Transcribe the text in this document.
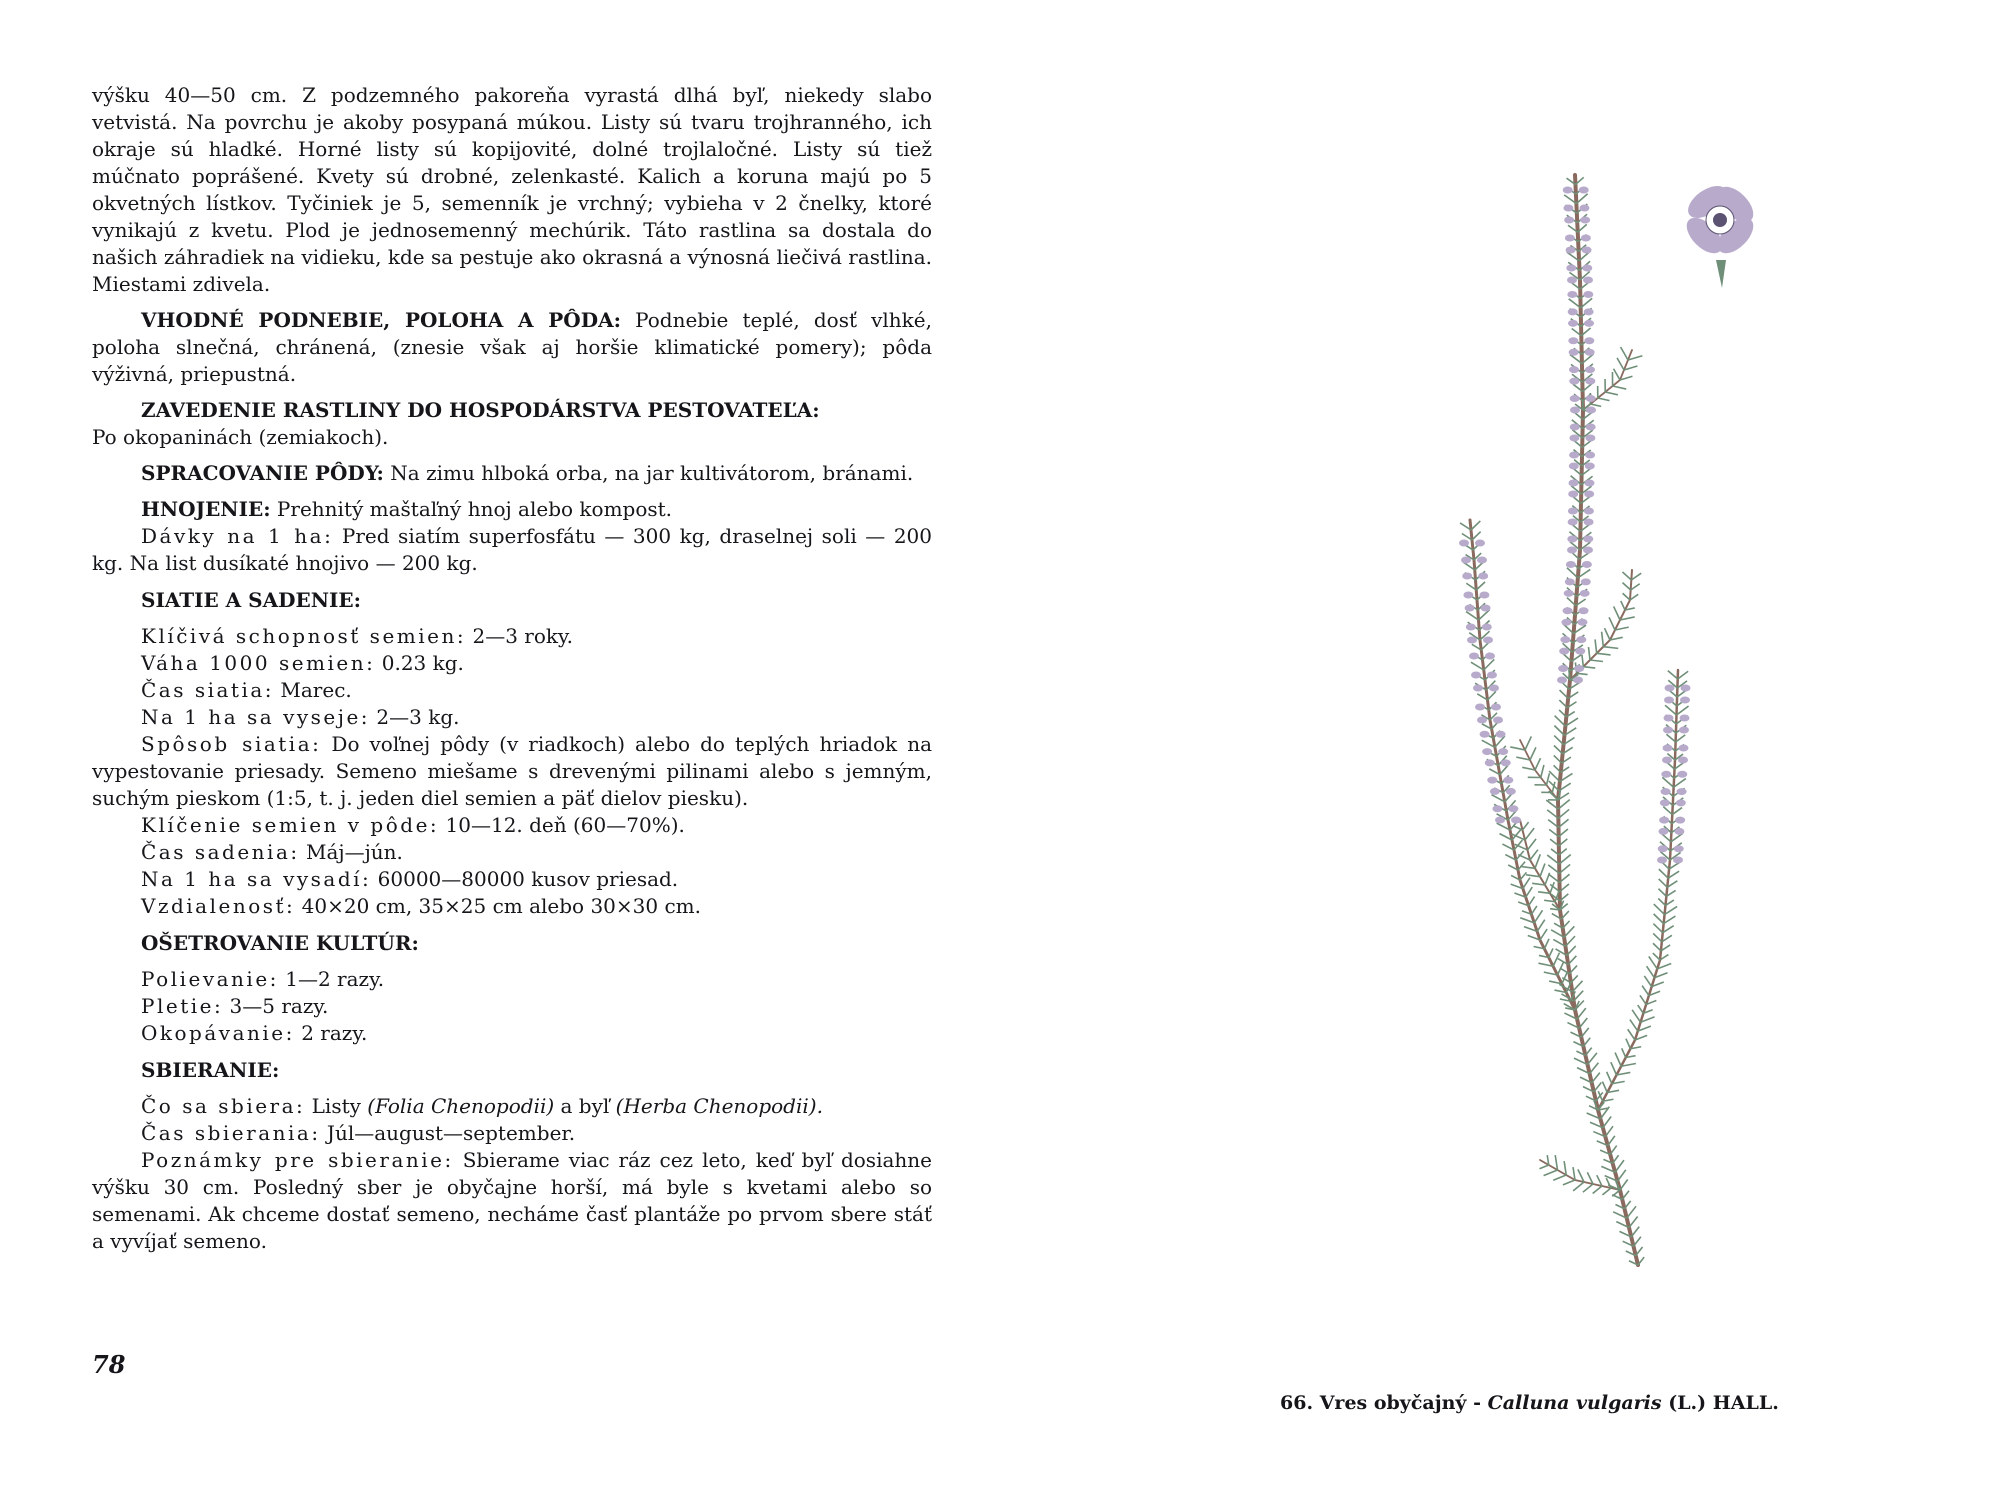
výšku 40—50 cm. Z podzemného pakoreňa vyrastá dlhá byľ, niekedy slabo vetvistá. Na povrchu je akoby posypaná múkou. Listy sú tvaru trojhranného, ich okraje sú hladké. Horné listy sú kopijovité, dolné trojlaločné. Listy sú tiež múčnato poprášené. Kvety sú drobné, zelenkasté. Kalich a koruna majú po 5 okvetných lístkov. Tyčiniek je 5, semenník je vrchný; vybieha v 2 čnelky, ktoré vynikajú z kvetu. Plod je jednosemenný mechúrik. Táto rastlina sa dostala do našich záhradiek na vidieku, kde sa pestuje ako okrasná a výnosná liečivá rastlina. Miestami zdivela.

VHODNÉ PODNEBIE, POLOHA A PÔDA: Podnebie teplé, dosť vlhké, poloha slnečná, chránená, (znesie však aj horšie klimatické pomery); pôda výživná, priepustná.

ZAVEDENIE RASTLINY DO HOSPODÁRSTVA PESTOVATEĽA:

Po okopaninách (zemiakoch).

SPRACOVANIE PÔDY: Na zimu hlboká orba, na jar kultivátorom, bránami.

HNOJENIE: Prehnitý maštaľný hnoj alebo kompost.

Dávky na 1 ha: Pred siatím superfosfátu — 300 kg, draselnej soli — 200 kg. Na list dusíkaté hnojivo — 200 kg.

SIATIE A SADENIE:

Klíčivá schopnosť semien: 2—3 roky.

Váha 1000 semien: 0.23 kg.

Čas siatia: Marec.

Na 1 ha sa vyseje: 2—3 kg.

Spôsob siatia: Do voľnej pôdy (v riadkoch) alebo do teplých hriadok na vypestovanie priesady. Semeno miešame s drevenými pilinami alebo s jemným, suchým pieskom (1:5, t. j. jeden diel semien a päť dielov piesku).

Klíčenie semien v pôde: 10—12. deň (60—70%).

Čas sadenia: Máj—jún.

Na 1 ha sa vysadí: 60000—80000 kusov priesad.

Vzdialenosť: 40×20 cm, 35×25 cm alebo 30×30 cm.

OŠETROVANIE KULTÚR:

Polievanie: 1—2 razy.

Pletie: 3—5 razy.

Okopávanie: 2 razy.

SBIERANIE:

Čo sa sbiera: Listy (Folia Chenopodii) a byľ (Herba Chenopodii).

Čas sbierania: Júl—august—september.

Poznámky pre sbieranie: Sbierame viac ráz cez leto, keď byľ dosiahne výšku 30 cm. Posledný sber je obyčajne horší, má byle s kvetami alebo so semenami. Ak chceme dostať semeno, necháme časť plantáže po prvom sbere stáť a vyvíjať semeno.

78
66. Vres obyčajný - Calluna vulgaris (L.) HALL.
